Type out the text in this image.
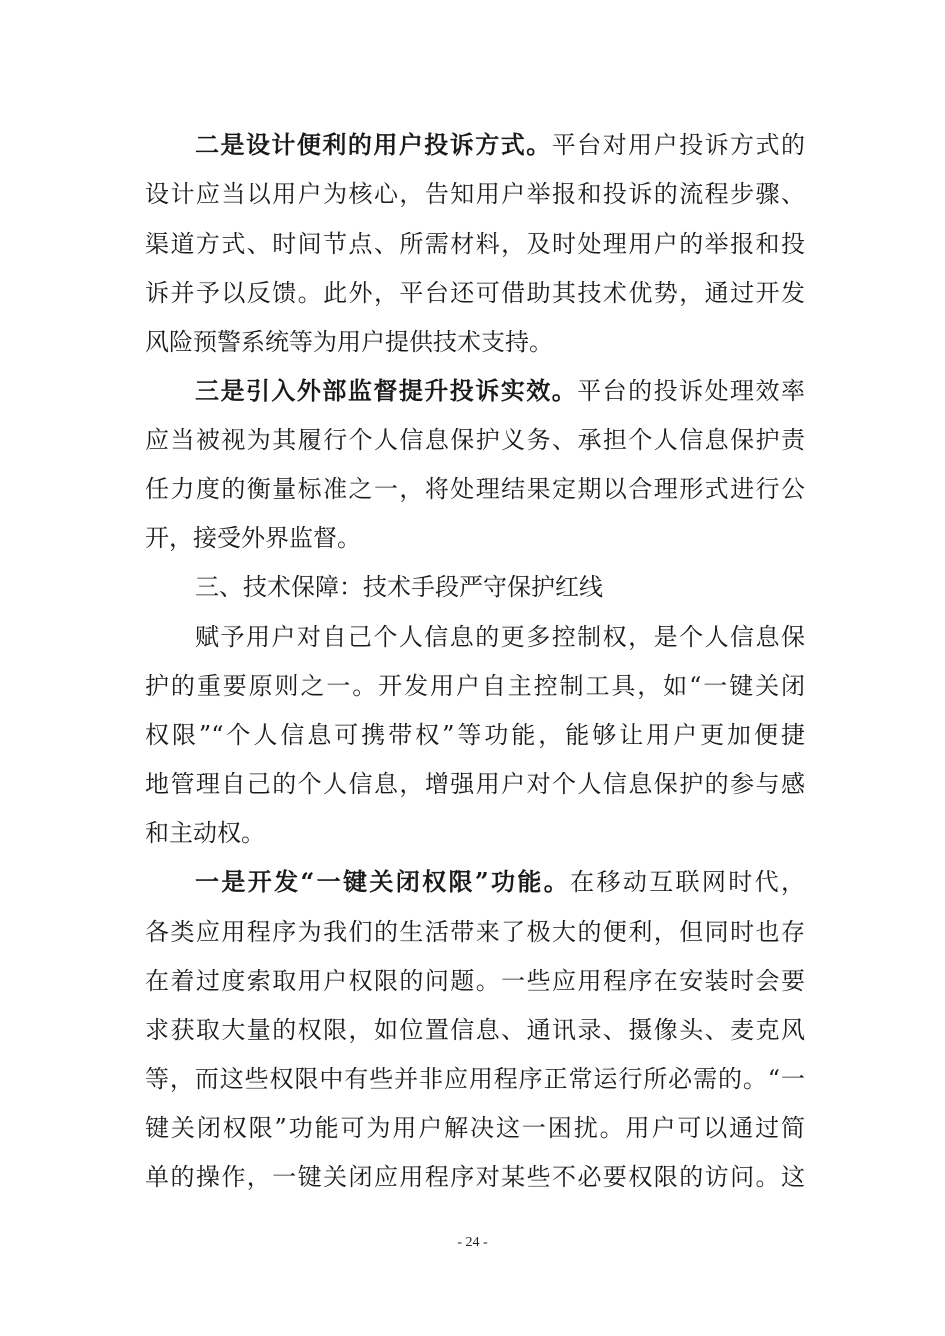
二是设计便利的用户投诉方式。平台对用户投诉方式的
设计应当以用户为核心，告知用户举报和投诉的流程步骤、
渠道方式、时间节点、所需材料，及时处理用户的举报和投
诉并予以反馈。此外，平台还可借助其技术优势，通过开发
风险预警系统等为用户提供技术支持。
三是引入外部监督提升投诉实效。平台的投诉处理效率
应当被视为其履行个人信息保护义务、承担个人信息保护责
任力度的衡量标准之一，将处理结果定期以合理形式进行公
开，接受外界监督。
三、技术保障：技术手段严守保护红线
赋予用户对自己个人信息的更多控制权，是个人信息保
护的重要原则之一。开发用户自主控制工具，如“一键关闭
权限”“个人信息可携带权”等功能，能够让用户更加便捷
地管理自己的个人信息，增强用户对个人信息保护的参与感
和主动权。
一是开发“一键关闭权限”功能。在移动互联网时代，
各类应用程序为我们的生活带来了极大的便利，但同时也存
在着过度索取用户权限的问题。一些应用程序在安装时会要
求获取大量的权限，如位置信息、通讯录、摄像头、麦克风
等，而这些权限中有些并非应用程序正常运行所必需的。“一
键关闭权限”功能可为用户解决这一困扰。用户可以通过简
单的操作，一键关闭应用程序对某些不必要权限的访问。这
- 24 -
